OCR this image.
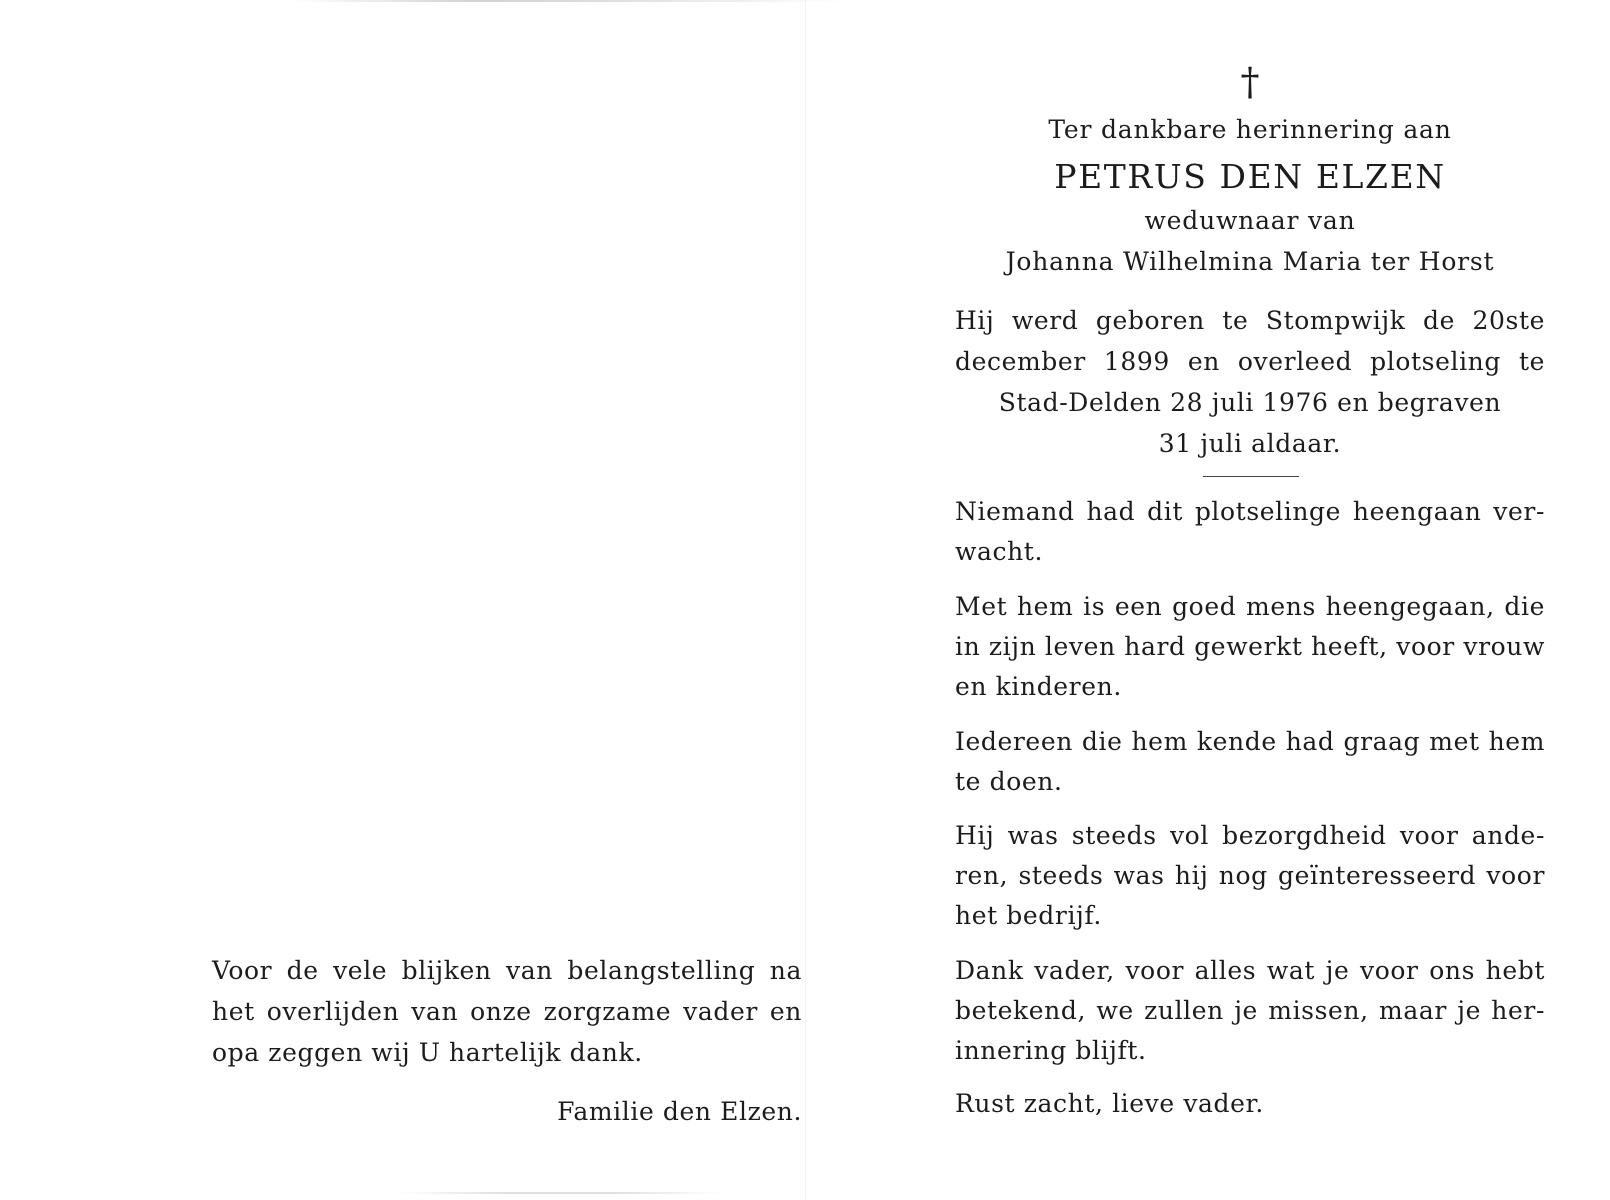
Voor de vele blijken van belangstelling na
het overlijden van onze zorgzame vader en
opa zeggen wij U hartelijk dank.
Familie den Elzen.
†
Ter dankbare herinnering aan
PETRUS DEN ELZEN
weduwnaar van
Johanna Wilhelmina Maria ter Horst
Hij werd geboren te Stompwijk de 20ste
december 1899 en overleed plotseling te
Stad-Delden 28 juli 1976 en begraven
31 juli aldaar.
Niemand had dit plotselinge heengaan ver-
wacht.
Met hem is een goed mens heengegaan, die
in zijn leven hard gewerkt heeft, voor vrouw
en kinderen.
Iedereen die hem kende had graag met hem
te doen.
Hij was steeds vol bezorgdheid voor ande-
ren, steeds was hij nog geïnteresseerd voor
het bedrijf.
Dank vader, voor alles wat je voor ons hebt
betekend, we zullen je missen, maar je her-
innering blijft.
Rust zacht, lieve vader.
